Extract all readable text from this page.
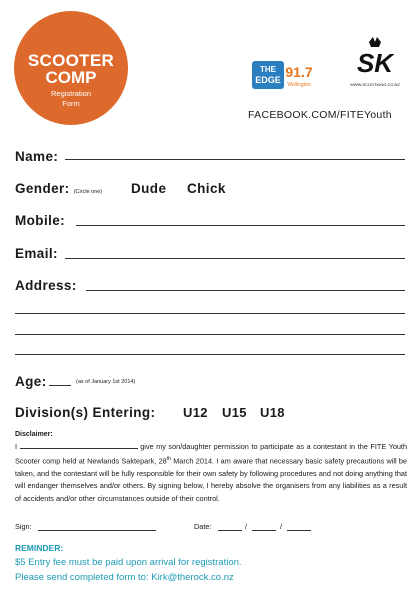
SCOOTER
COMP
Registration
Form
THE
EDGE 91.7
Wellington
SK
WWW.SCOOTKING.CO.NZ
FACEBOOK.COM/FITEYouth
Name:
Gender: (Circle one) Dude Chick
Mobile:
Email:
Address:
Age:	(as of January 1st 2014)
Division(s) Entering: U12 U15 U18
Disclaimer:
I	give my son/daughter permission to participate as a contestant in the FITE Youth Scooter comp held at Newlands Saktepark, 28th March 2014. I am aware that necessary basic safety precautions will be taken, and the contestant will be fully responsible for their own safety by following procedures and not doing anything that will endanger themselves and/or others. By signing below, I hereby absolve the organisers from any liabilities as a result of accidents and/or other circumstances outside of their control.
Sign:	Date:	/	/
REMINDER:
$5 Entry fee must be paid upon arrival for registration.
Please send completed form to: Kirk@therock.co.nz
